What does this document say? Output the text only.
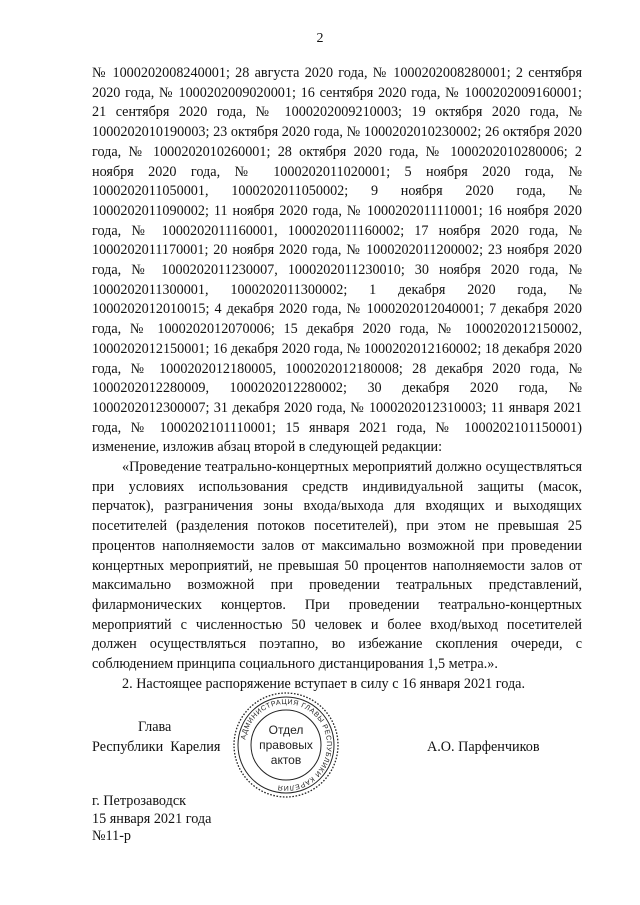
2

№ 1000202008240001; 28 августа 2020 года, № 1000202008280001; 2 сентября 2020 года, № 1000202009020001; 16 сентября 2020 года, № 1000202009160001; 21 сентября 2020 года, № 1000202009210003; 19 октября 2020 года, № 1000202010190003; 23 октября 2020 года, № 1000202010230002; 26 октября 2020 года, № 1000202010260001; 28 октября 2020 года, № 1000202010280006; 2 ноября 2020 года, № 1000202011020001; 5 ноября 2020 года, № 1000202011050001, 1000202011050002; 9 ноября 2020 года, № 1000202011090002; 11 ноября 2020 года, № 1000202011110001; 16 ноября 2020 года, № 1000202011160001, 1000202011160002; 17 ноября 2020 года, № 1000202011170001; 20 ноября 2020 года, № 1000202011200002; 23 ноября 2020 года, № 1000202011230007, 1000202011230010; 30 ноября 2020 года, № 1000202011300001, 1000202011300002; 1 декабря 2020 года, № 1000202012010015; 4 декабря 2020 года, № 1000202012040001; 7 декабря 2020 года, № 1000202012070006; 15 декабря 2020 года, № 1000202012150002, 1000202012150001; 16 декабря 2020 года, № 1000202012160002; 18 декабря 2020 года, № 1000202012180005, 1000202012180008; 28 декабря 2020 года, № 1000202012280009, 1000202012280002; 30 декабря 2020 года, № 1000202012300007; 31 декабря 2020 года, № 1000202012310003; 11 января 2021 года, № 1000202101110001; 15 января 2021 года, № 1000202101150001) изменение, изложив абзац второй в следующей редакции:

«Проведение театрально-концертных мероприятий должно осуществляться при условиях использования средств индивидуальной защиты (масок, перчаток), разграничения зоны входа/выхода для входящих и выходящих посетителей (разделения потоков посетителей), при этом не превышая 25 процентов наполняемости залов от максимально возможной при проведении концертных мероприятий, не превышая 50 процентов наполняемости залов от максимально возможной при проведении театральных представлений, филармонических концертов. При проведении театрально-концертных мероприятий с численностью 50 человек и более вход/выход посетителей должен осуществляться поэтапно, во избежание скопления очереди, с соблюдением принципа социального дистанцирования 1,5 метра.».

2. Настоящее распоряжение вступает в силу с 16 января 2021 года.

Глава
Республики  Карелия	А.О. Парфенчиков
АДМИНИСТРАЦИЯ ГЛАВЫ РЕСПУБЛИКИ КАРЕЛИЯ
Отдел
правовых
актов
г. Петрозаводск
15 января 2021 года
№11-р
